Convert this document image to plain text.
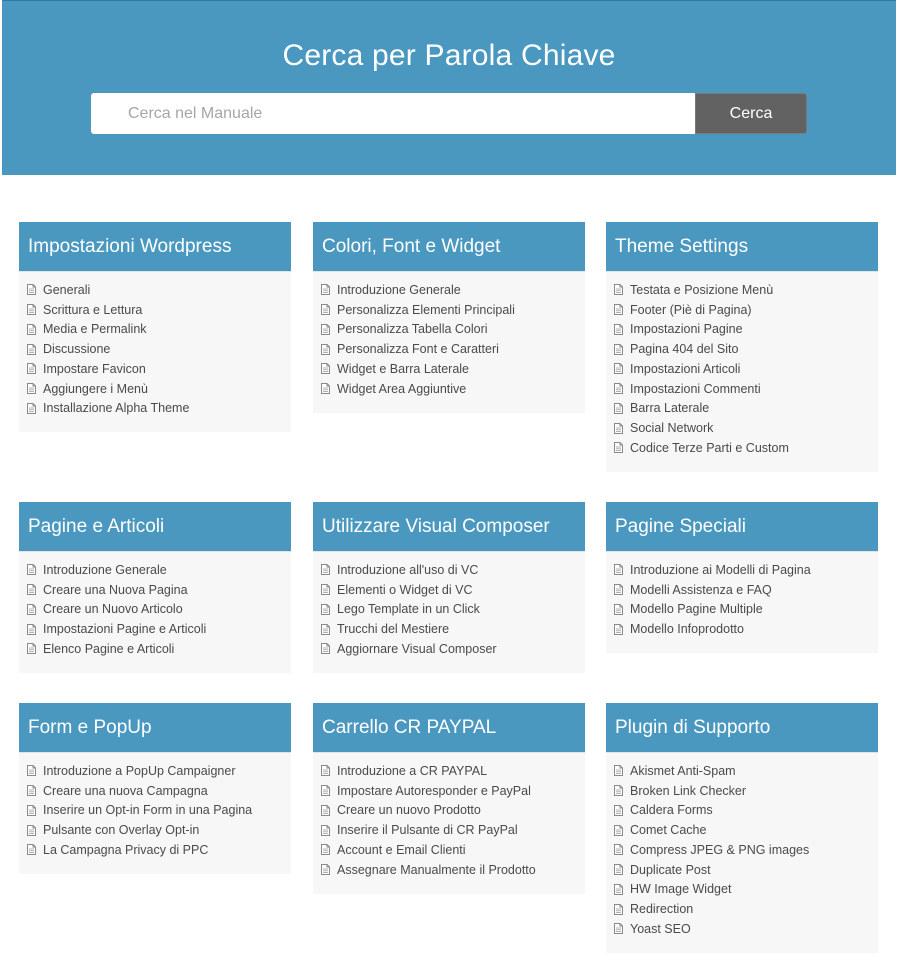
Cerca per Parola Chiave
Cerca nel Manuale
Cerca
Impostazioni Wordpress
Generali
Scrittura e Lettura
Media e Permalink
Discussione
Impostare Favicon
Aggiungere i Menù
Installazione Alpha Theme
Colori, Font e Widget
Introduzione Generale
Personalizza Elementi Principali
Personalizza Tabella Colori
Personalizza Font e Caratteri
Widget e Barra Laterale
Widget Area Aggiuntive
Theme Settings
Testata e Posizione Menù
Footer (Piè di Pagina)
Impostazioni Pagine
Pagina 404 del Sito
Impostazioni Articoli
Impostazioni Commenti
Barra Laterale
Social Network
Codice Terze Parti e Custom
Pagine e Articoli
Introduzione Generale
Creare una Nuova Pagina
Creare un Nuovo Articolo
Impostazioni Pagine e Articoli
Elenco Pagine e Articoli
Utilizzare Visual Composer
Introduzione all'uso di VC
Elementi o Widget di VC
Lego Template in un Click
Trucchi del Mestiere
Aggiornare Visual Composer
Pagine Speciali
Introduzione ai Modelli di Pagina
Modelli Assistenza e FAQ
Modello Pagine Multiple
Modello Infoprodotto
Form e PopUp
Introduzione a PopUp Campaigner
Creare una nuova Campagna
Inserire un Opt-in Form in una Pagina
Pulsante con Overlay Opt-in
La Campagna Privacy di PPC
Carrello CR PAYPAL
Introduzione a CR PAYPAL
Impostare Autoresponder e PayPal
Creare un nuovo Prodotto
Inserire il Pulsante di CR PayPal
Account e Email Clienti
Assegnare Manualmente il Prodotto
Plugin di Supporto
Akismet Anti-Spam
Broken Link Checker
Caldera Forms
Comet Cache
Compress JPEG & PNG images
Duplicate Post
HW Image Widget
Redirection
Yoast SEO
